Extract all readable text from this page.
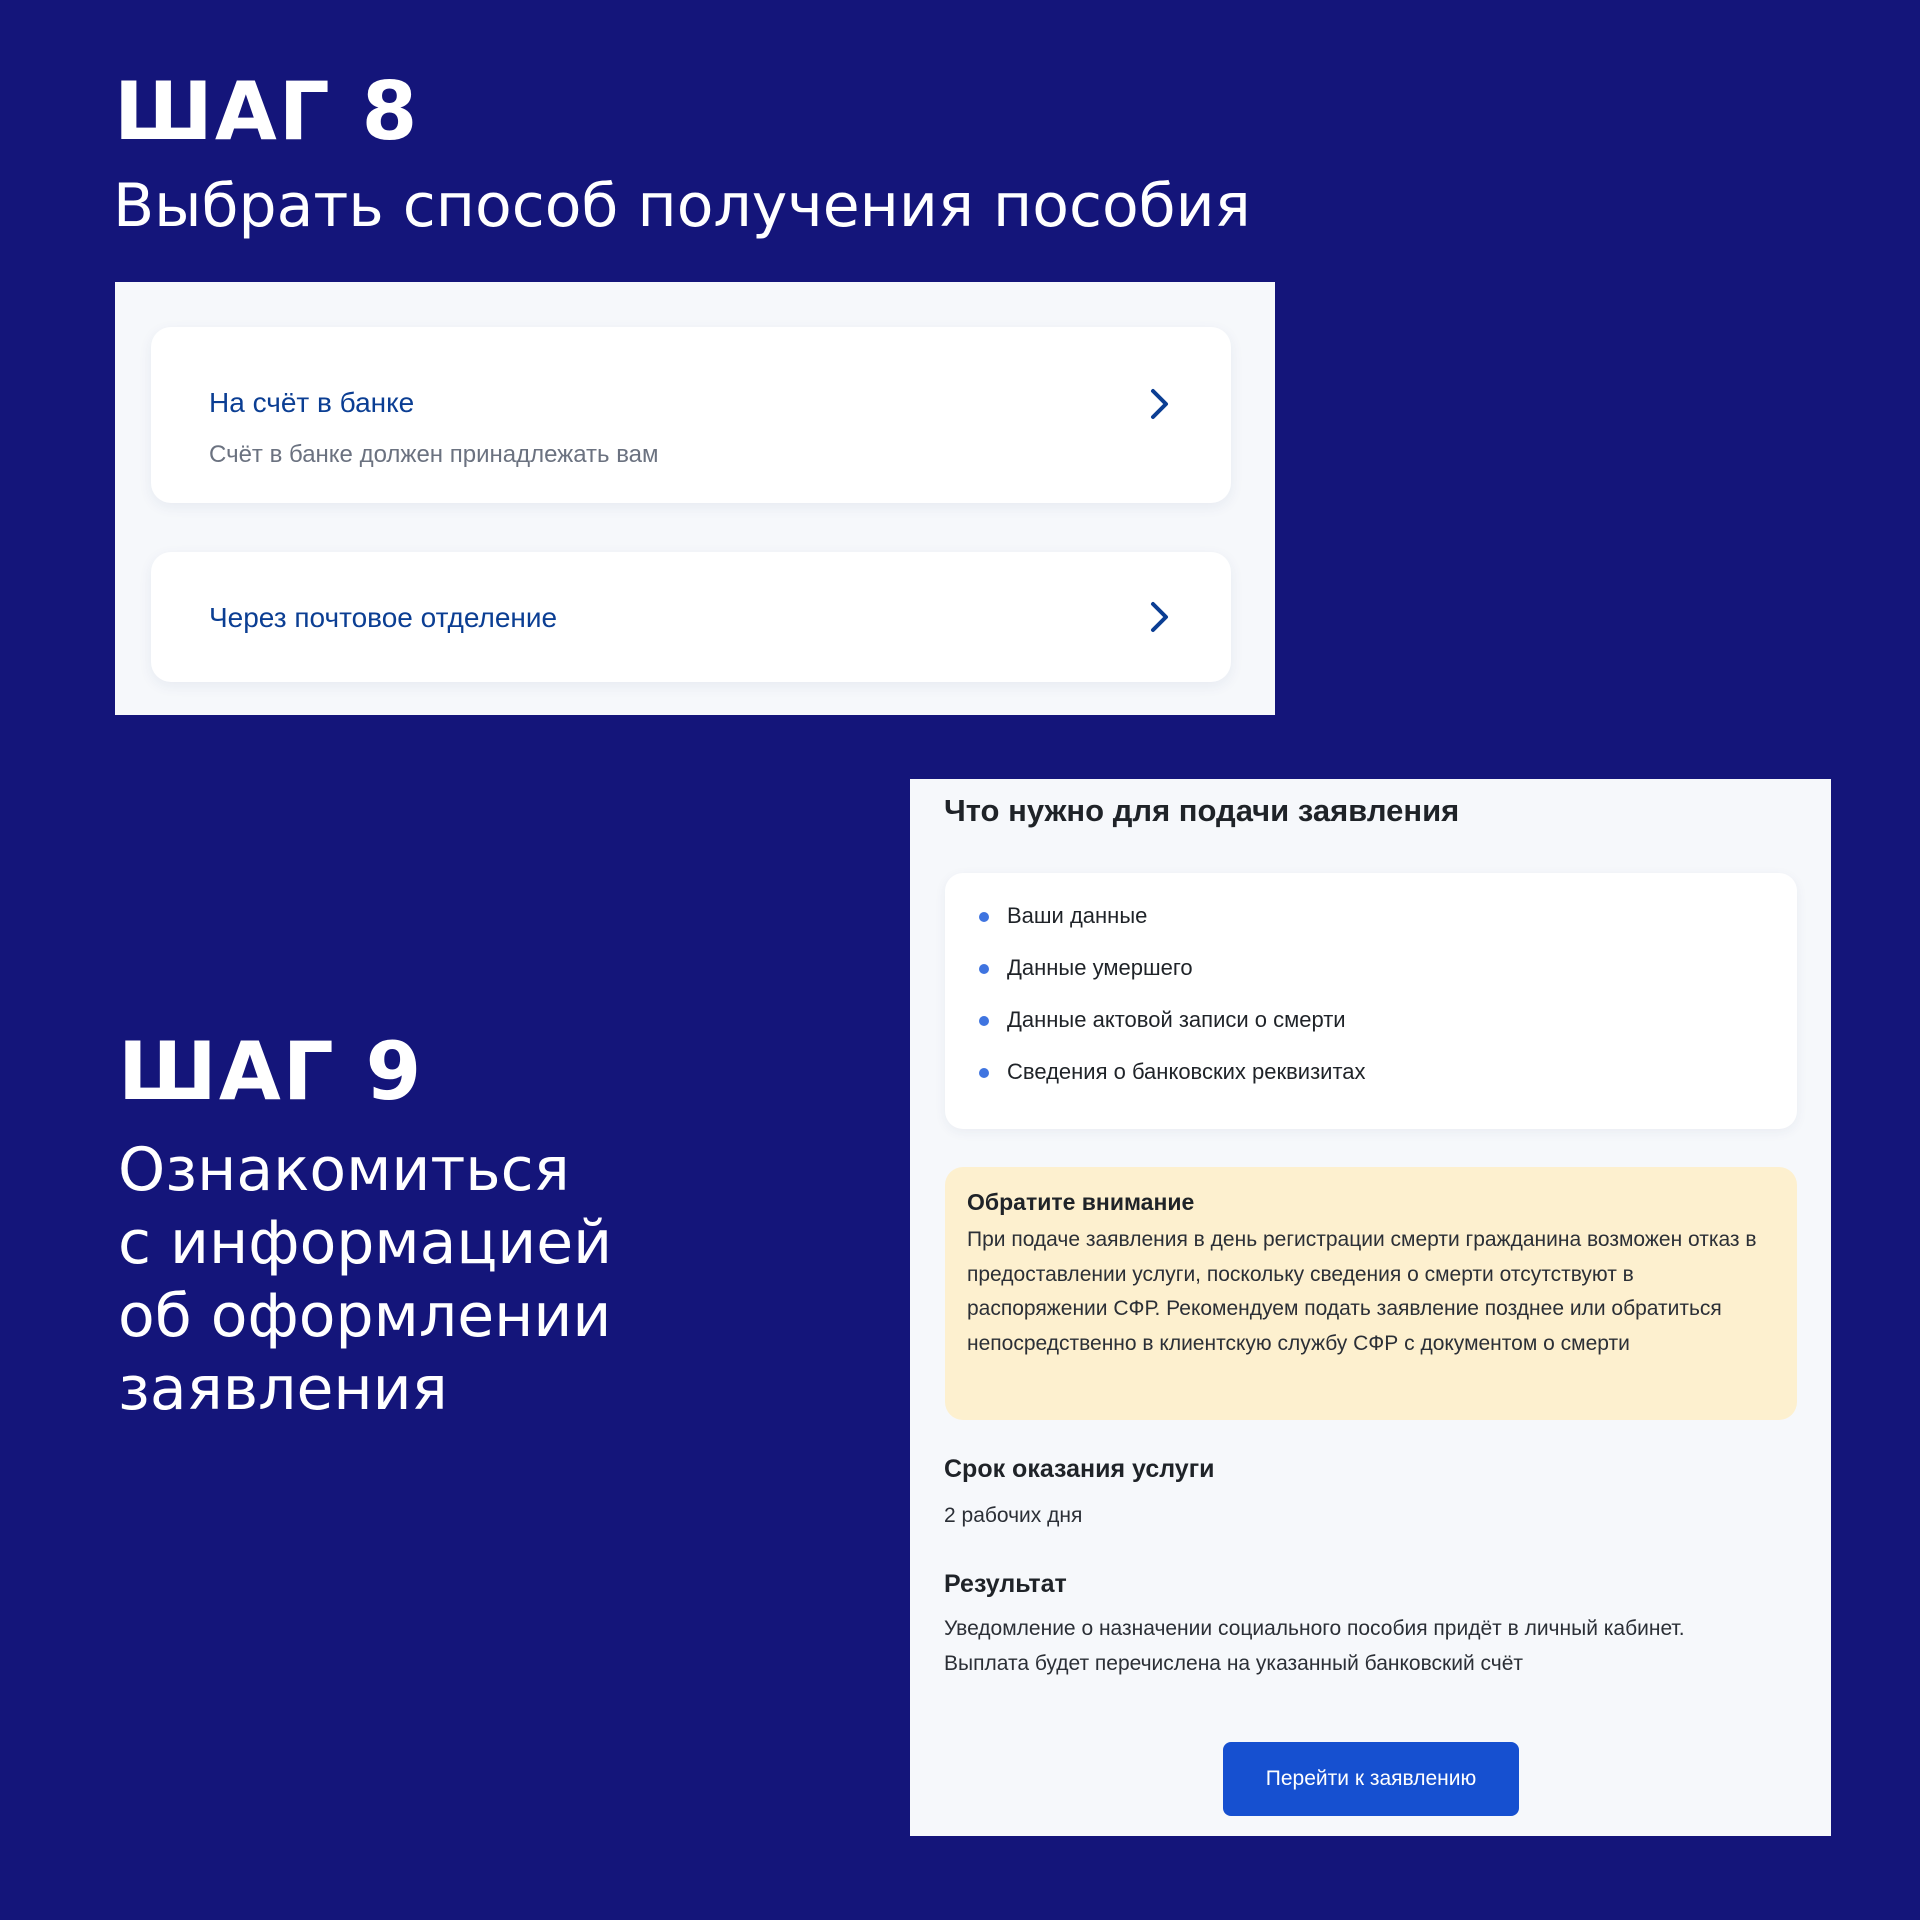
ШАГ 8

Выбрать способ получения пособия

На счёт в банке
Счёт в банке должен принадлежать вам
Через почтовое отделение
ШАГ 9

Ознакомиться
с информацией
об оформлении
заявления

Что нужно для подачи заявления
Ваши данные
Данные умершего
Данные актовой записи о смерти
Сведения о банковских реквизитах
Обратите внимание
При подаче заявления в день регистрации смерти гражданина возможен отказ в предоставлении услуги, поскольку сведения о смерти отсутствуют в распоряжении СФР. Рекомендуем подать заявление позднее или обратиться непосредственно в клиентскую службу СФР с документом о смерти
Срок оказания услуги
2 рабочих дня
Результат
Уведомление о назначении социального пособия придёт в личный кабинет.
Выплата будет перечислена на указанный банковский счёт
Перейти к заявлению
